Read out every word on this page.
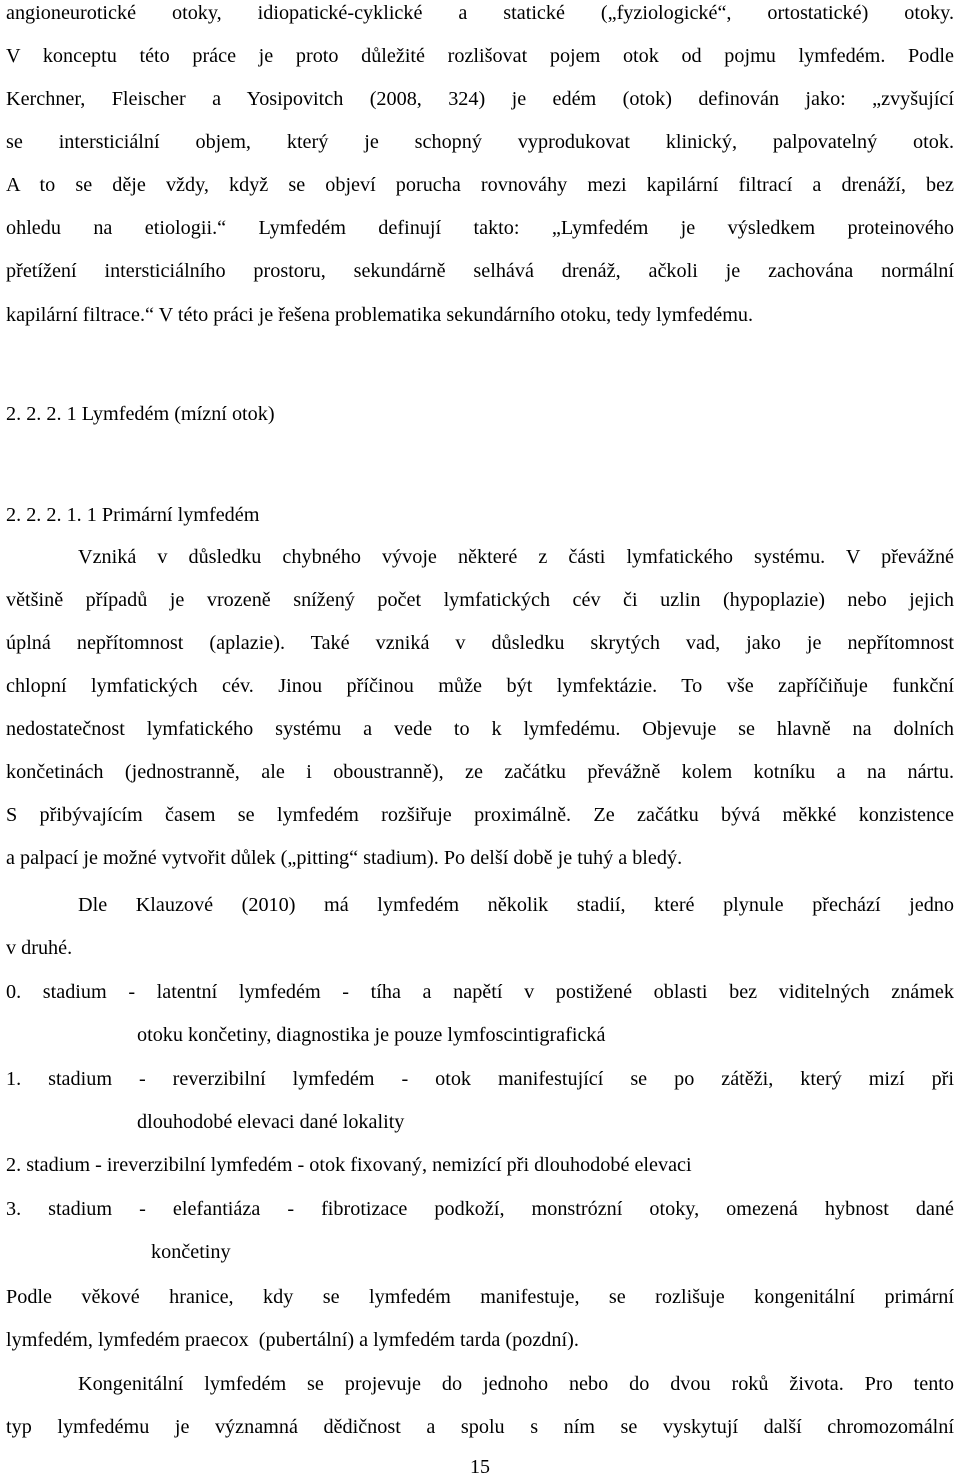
angioneurotické otoky, idiopatické-cyklické a statické („fyziologické“, ortostatické) otoky.
V konceptu této práce je proto důležité rozlišovat pojem otok od pojmu lymfedém. Podle
Kerchner, Fleischer a Yosipovitch (2008, 324) je edém (otok) definován jako: „zvyšující
se intersticiální objem, který je schopný vyprodukovat klinický, palpovatelný otok.
A to se děje vždy, když se objeví porucha rovnováhy mezi kapilární filtrací a drenáží, bez
ohledu na etiologii.“ Lymfedém definují takto: „Lymfedém je výsledkem proteinového
přetížení intersticiálního prostoru, sekundárně selhává drenáž, ačkoli je zachována normální
kapilární filtrace.“ V této práci je řešena problematika sekundárního otoku, tedy lymfedému.
2. 2. 2. 1 Lymfedém (mízní otok)
2. 2. 2. 1. 1 Primární lymfedém
Vzniká v důsledku chybného vývoje některé z části lymfatického systému. V převážné
většině případů je vrozeně snížený počet lymfatických cév či uzlin (hypoplazie) nebo jejich
úplná nepřítomnost (aplazie). Také vzniká v důsledku skrytých vad, jako je nepřítomnost
chlopní lymfatických cév. Jinou příčinou může být lymfektázie. To vše zapříčiňuje funkční
nedostatečnost lymfatického systému a vede to k lymfedému. Objevuje se hlavně na dolních
končetinách (jednostranně, ale i oboustranně), ze začátku převážně kolem kotníku a na nártu.
S přibývajícím časem se lymfedém rozšiřuje proximálně. Ze začátku bývá měkké konzistence
a palpací je možné vytvořit důlek („pitting“ stadium). Po delší době je tuhý a bledý.
Dle Klauzové (2010) má lymfedém několik stadií, které plynule přechází jedno
v druhé.
0. stadium - latentní lymfedém - tíha a napětí v postižené oblasti bez viditelných známek
otoku končetiny, diagnostika je pouze lymfoscintigrafická
1. stadium - reverzibilní lymfedém - otok manifestující se po zátěži, který mizí při
dlouhodobé elevaci dané lokality
2. stadium - ireverzibilní lymfedém - otok fixovaný, nemizící při dlouhodobé elevaci
3. stadium - elefantiáza - fibrotizace podkoží, monstrózní otoky, omezená hybnost dané
končetiny
Podle věkové hranice, kdy se lymfedém manifestuje, se rozlišuje kongenitální primární
lymfedém, lymfedém praecox  (pubertální) a lymfedém tarda (pozdní).
Kongenitální lymfedém se projevuje do jednoho nebo do dvou roků života. Pro tento
typ lymfedému je významná dědičnost a spolu s ním se vyskytují další chromozomální
15
